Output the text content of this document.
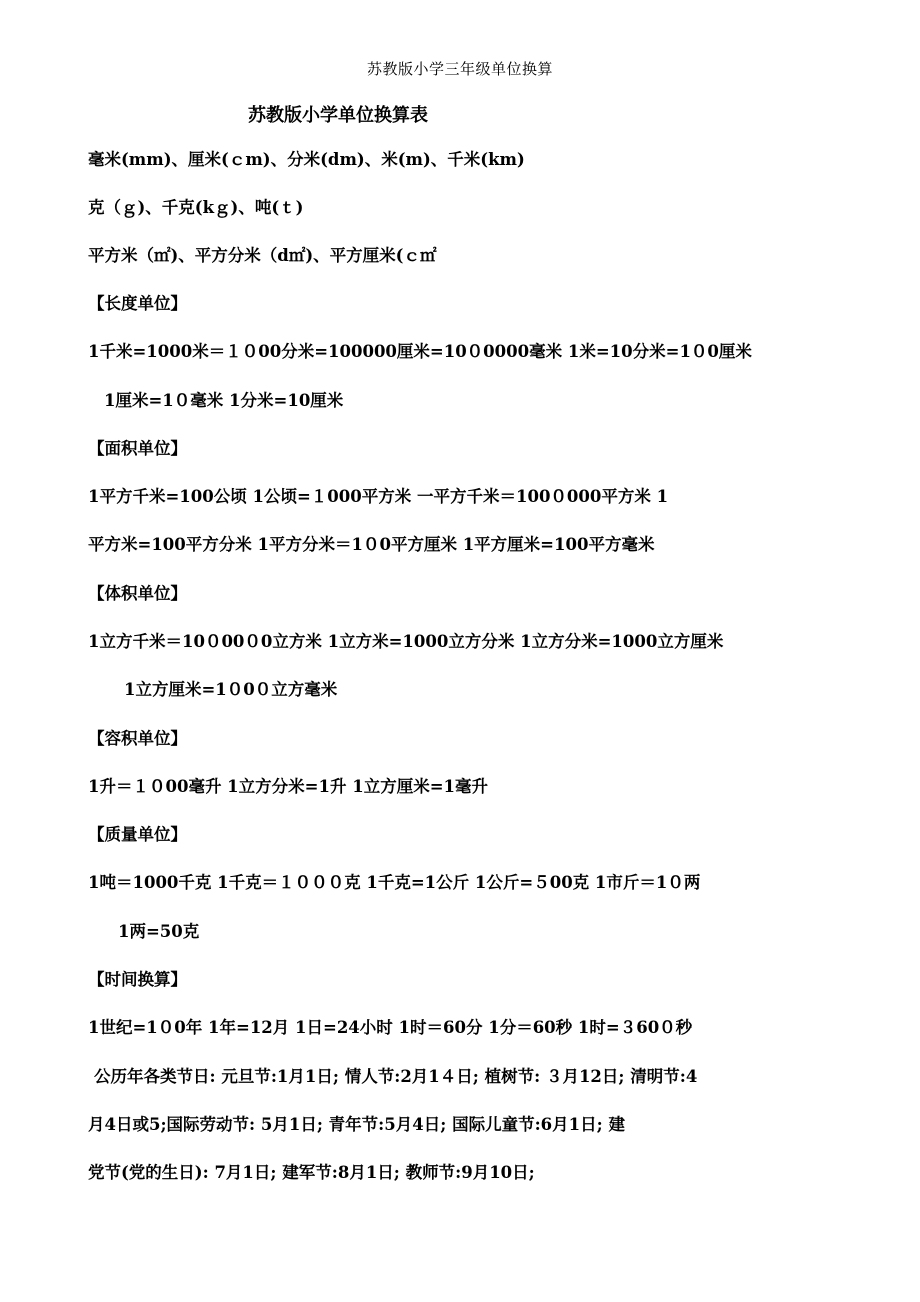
苏教版小学三年级单位换算
苏教版小学单位换算表
毫米(mm)、厘米(ｃm)、分米(dm)、米(m)、千米(km)
克（ｇ)、千克(kｇ)、吨(ｔ)
平方米（㎡)、平方分米（d㎡)、平方厘米(ｃ㎡
【长度单位】
1千米=1000米＝１０00分米=100000厘米=10０0000毫米 1米=10分米=1０0厘米
1厘米=1０毫米 1分米=10厘米
【面积单位】
1平方千米=100公顷 1公顷=１000平方米 一平方千米＝100０000平方米 1
平方米=100平方分米 1平方分米＝1０0平方厘米 1平方厘米=100平方毫米
【体积单位】
1立方千米＝10０00０0立方米 1立方米=1000立方分米 1立方分米=1000立方厘米
1立方厘米=1０0０立方毫米
【容积单位】
1升＝１０00毫升 1立方分米=1升 1立方厘米=1毫升
【质量单位】
1吨＝1000千克 1千克＝１０００克 1千克=1公斤 1公斤=５00克 1市斤＝1０两
1两=50克
【时间换算】
1世纪=1０0年 1年=12月 1日=24小时 1时＝60分 1分＝60秒 1时=３60０秒
公历年各类节日: 元旦节:1月1日; 情人节:2月1４日; 植树节: ３月12日; 清明节:4
月4日或5;国际劳动节: 5月1日; 青年节:5月4日; 国际儿童节:6月1日; 建
党节(党的生日): 7月1日; 建军节:8月1日; 教师节:9月10日;
